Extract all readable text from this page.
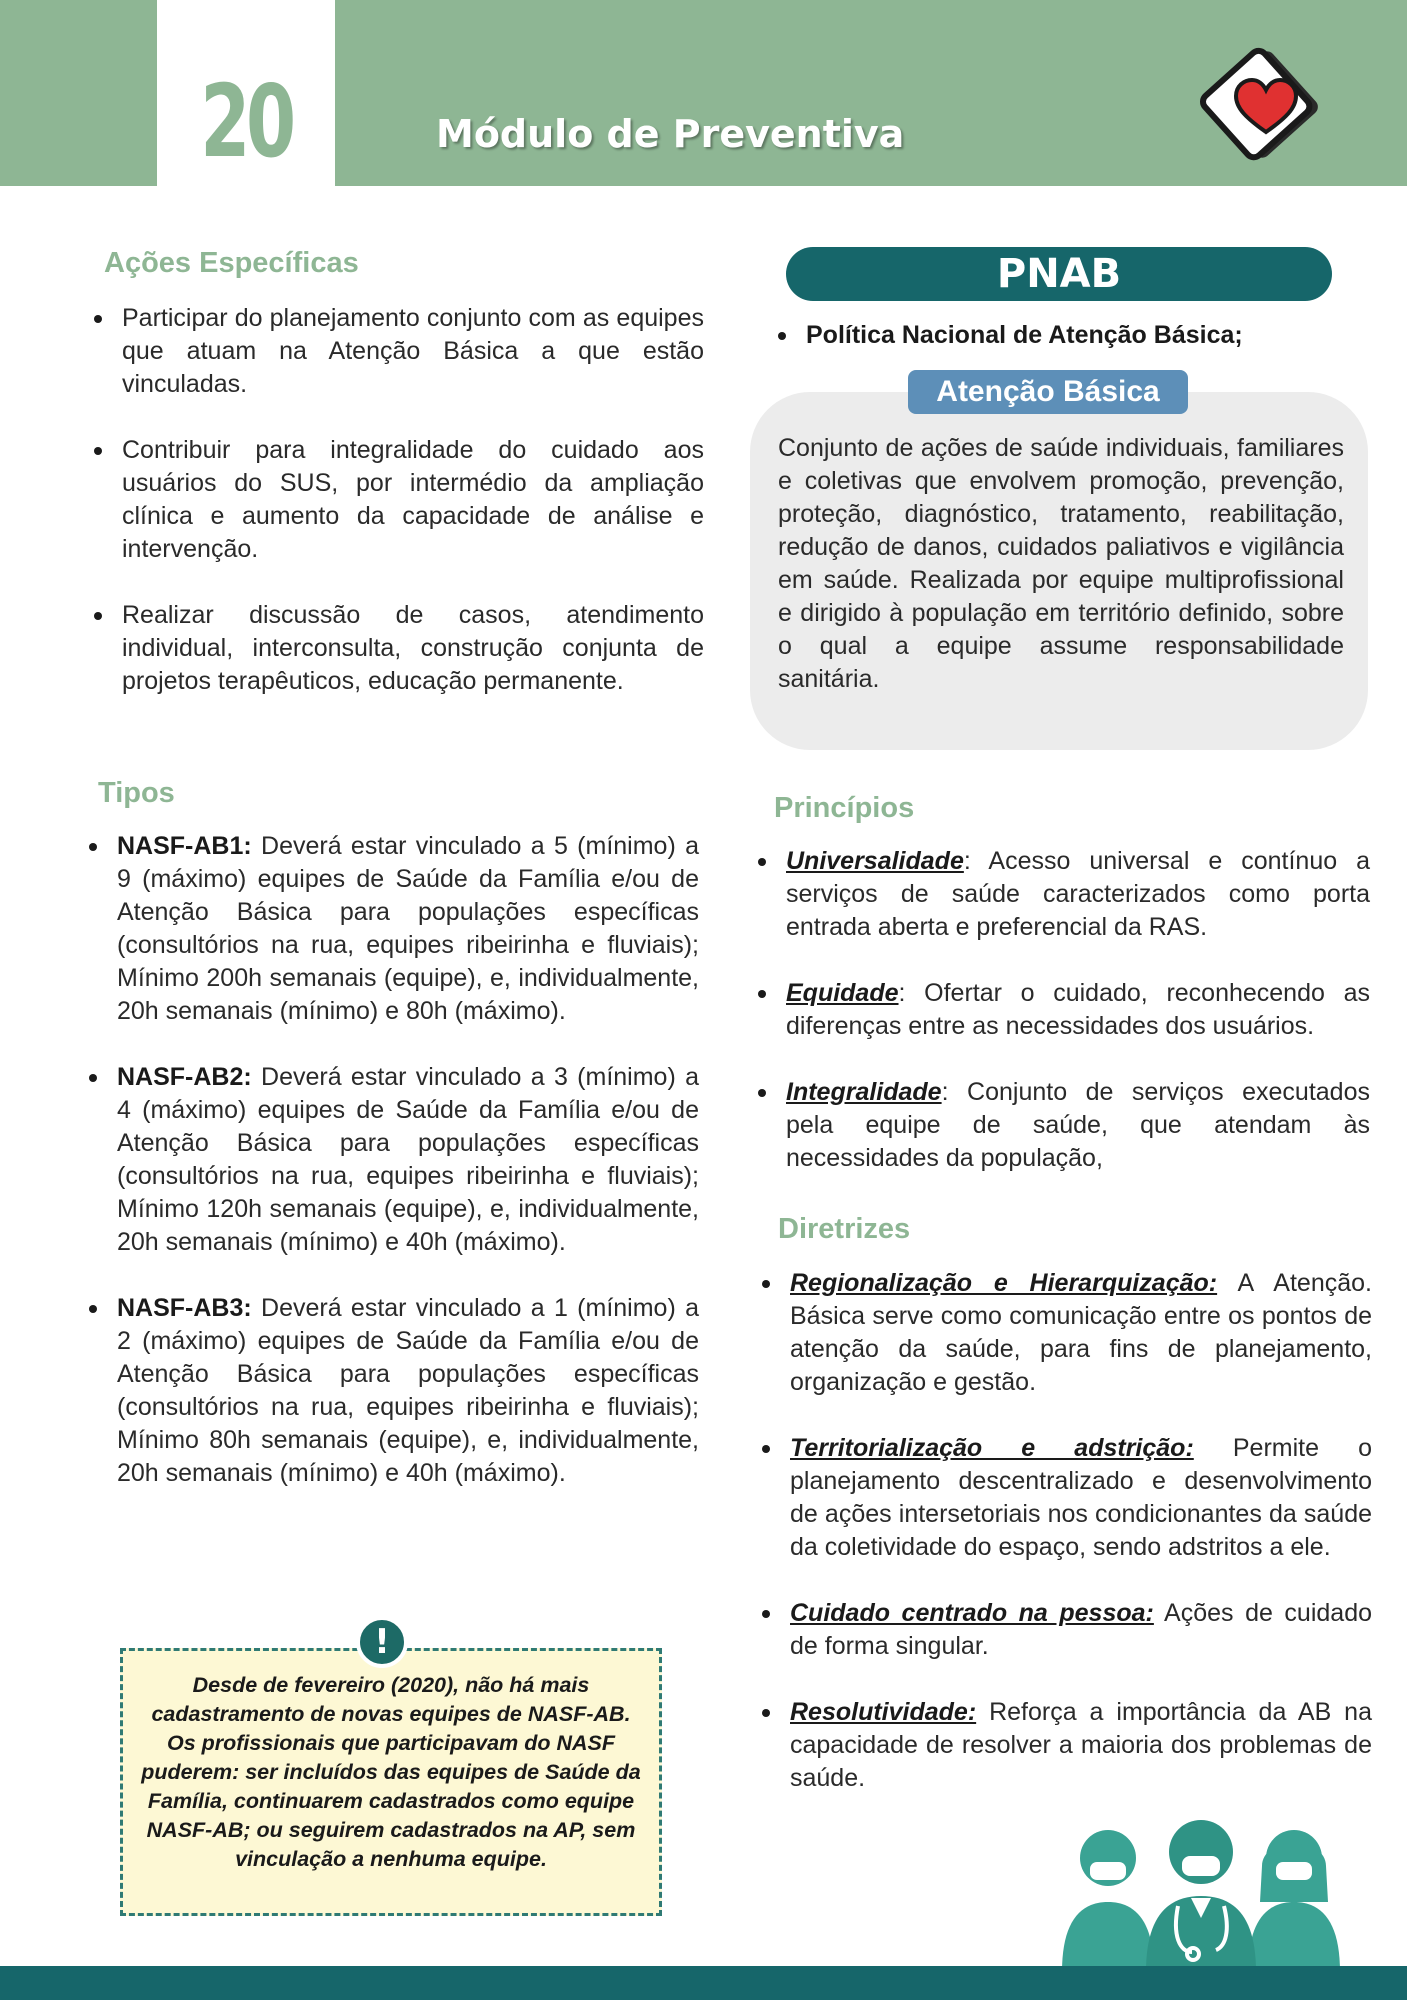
20	Módulo de Preventiva
Ações Específicas
Participar do planejamento conjunto com as equipes que atuam na Atenção Básica a que estão vinculadas.
Contribuir para integralidade do cuidado aos usuários do SUS, por intermédio da ampliação clínica e aumento da capacidade de análise e intervenção.
Realizar discussão de casos, atendimento individual, interconsulta, construção conjunta de projetos terapêuticos, educação permanente.
Tipos
NASF-AB1: Deverá estar vinculado a 5 (mínimo) a 9 (máximo) equipes de Saúde da Família e/ou de Atenção Básica para populações específicas (consultórios na rua, equipes ribeirinha e fluviais); Mínimo 200h semanais (equipe), e, individualmente, 20h semanais (mínimo) e 80h (máximo).
NASF-AB2: Deverá estar vinculado a 3 (mínimo) a 4 (máximo) equipes de Saúde da Família e/ou de Atenção Básica para populações específicas (consultórios na rua, equipes ribeirinha e fluviais); Mínimo 120h semanais (equipe), e, individualmente, 20h semanais (mínimo) e 40h (máximo).
NASF-AB3: Deverá estar vinculado a 1 (mínimo) a 2 (máximo) equipes de Saúde da Família e/ou de Atenção Básica para populações específicas (consultórios na rua, equipes ribeirinha e fluviais); Mínimo 80h semanais (equipe), e, individualmente, 20h semanais (mínimo) e 40h (máximo).
Desde de fevereiro (2020), não há mais cadastramento de novas equipes de NASF-AB. Os profissionais que participavam do NASF puderem: ser incluídos das equipes de Saúde da Família, continuarem cadastrados como equipe NASF-AB; ou seguirem cadastrados na AP, sem vinculação a nenhuma equipe.
!
PNAB
Política Nacional de Atenção Básica;
Atenção Básica
Conjunto de ações de saúde individuais, familiares e coletivas que envolvem promoção, prevenção, proteção, diagnóstico, tratamento, reabilitação, redução de danos, cuidados paliativos e vigilância em saúde. Realizada por equipe multiprofissional e dirigido à população em território definido, sobre o qual a equipe assume responsabilidade sanitária.
Princípios
Universalidade: Acesso universal e contínuo a serviços de saúde caracterizados como porta entrada aberta e preferencial da RAS.
Equidade: Ofertar o cuidado, reconhecendo as diferenças entre as necessidades dos usuários.
Integralidade: Conjunto de serviços executados pela equipe de saúde, que atendam às necessidades da população,
Diretrizes
Regionalização e Hierarquização: A Atenção. Básica serve como comunicação entre os pontos de atenção da saúde, para fins de planejamento, organização e gestão.
Territorialização e adstrição: Permite o planejamento descentralizado e desenvolvimento de ações intersetoriais nos condicionantes da saúde da coletividade do espaço, sendo adstritos a ele.
Cuidado centrado na pessoa: Ações de cuidado de forma singular.
Resolutividade: Reforça a importância da AB na capacidade de resolver a maioria dos problemas de saúde.
